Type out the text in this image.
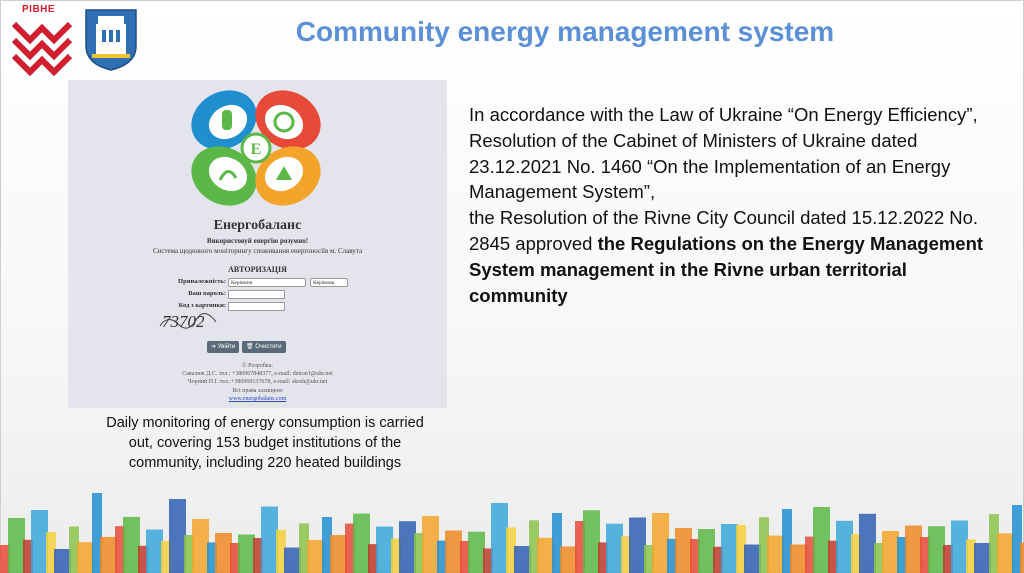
РІВНЕ
Community energy management system
E
Енергобаланс
Використовуй енергію розумно!
Система щоденного моніторингу споживання енергоносіїв м. Славута
АВТОРИЗАЦІЯ
Приналежність: Керівник	Керівник
Ваш пароль:
Код з картинки:
73702
➔ Увійти	🗑 Очистити
© Розробка:
Савалюк Д.С. тел.: +380967848377, e-mail: detton1@ukr.net
Чорний П.І. тел.:+380969137678, e-mail: skesh@ukr.net
Всі права захищено
www.energobalans.com
Daily monitoring of energy consumption is carried out, covering 153 budget institutions of the community, including 220 heated buildings

In accordance with the Law of Ukraine “On Energy Efficiency”,

Resolution of the Cabinet of Ministers of Ukraine dated 23.12.2021 No. 1460 “On the Implementation of an Energy Management System”,

the Resolution of the Rivne City Council dated 15.12.2022 No. 2845 approved the Regulations on the Energy Management System management in the Rivne urban territorial community
